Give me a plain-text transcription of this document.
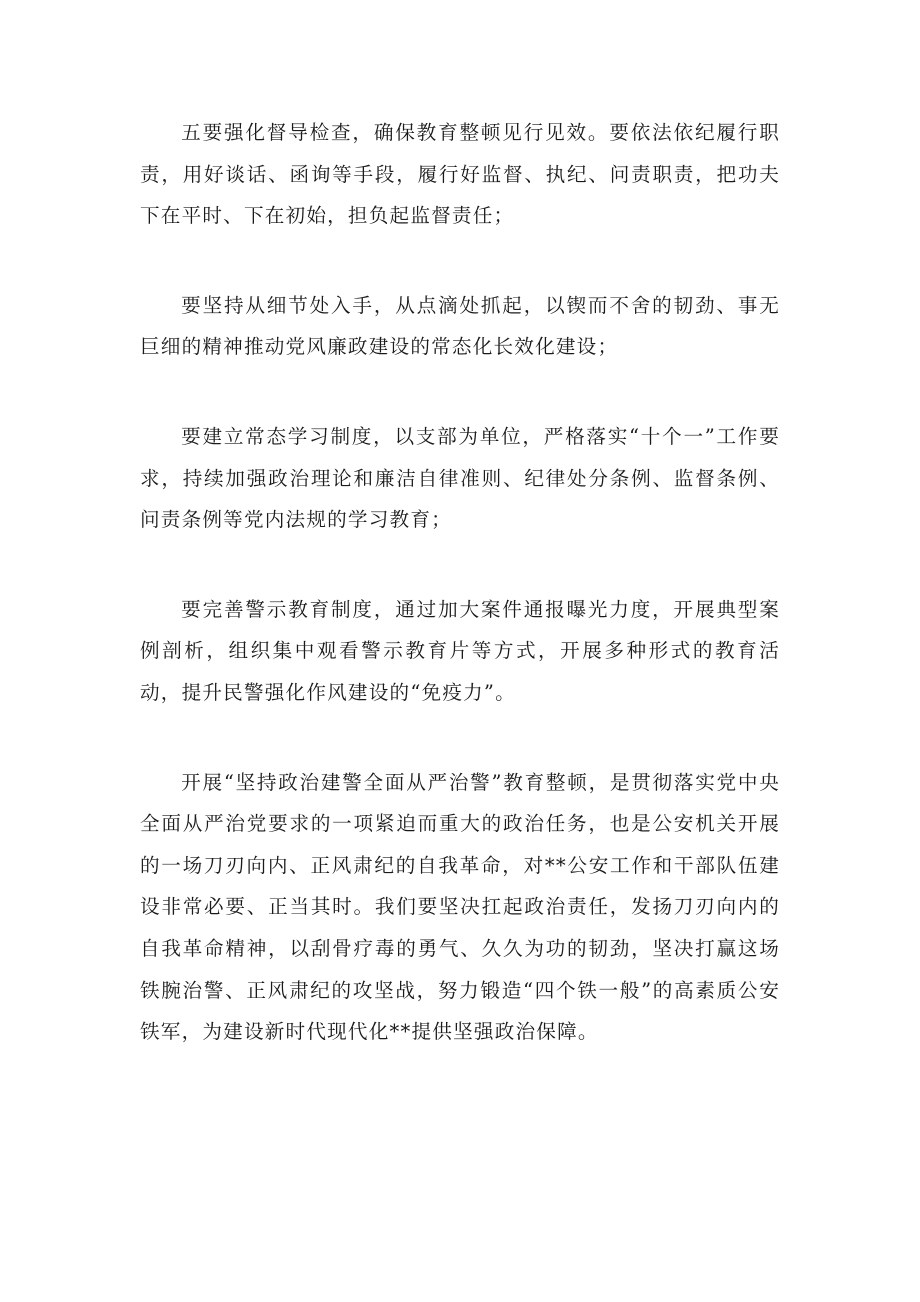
五要强化督导检查，确保教育整顿见行见效。要依法依纪履行职责，用好谈话、函询等手段，履行好监督、执纪、问责职责，把功夫下在平时、下在初始，担负起监督责任；

要坚持从细节处入手，从点滴处抓起，以锲而不舍的韧劲、事无巨细的精神推动党风廉政建设的常态化长效化建设；

要建立常态学习制度，以支部为单位，严格落实“十个一”工作要求，持续加强政治理论和廉洁自律准则、纪律处分条例、监督条例、问责条例等党内法规的学习教育；

要完善警示教育制度，通过加大案件通报曝光力度，开展典型案例剖析，组织集中观看警示教育片等方式，开展多种形式的教育活动，提升民警强化作风建设的“免疫力”。

开展“坚持政治建警全面从严治警”教育整顿，是贯彻落实党中央全面从严治党要求的一项紧迫而重大的政治任务，也是公安机关开展的一场刀刃向内、正风肃纪的自我革命，对**公安工作和干部队伍建设非常必要、正当其时。我们要坚决扛起政治责任，发扬刀刃向内的自我革命精神，以刮骨疗毒的勇气、久久为功的韧劲，坚决打赢这场铁腕治警、正风肃纪的攻坚战，努力锻造“四个铁一般”的高素质公安铁军，为建设新时代现代化**提供坚强政治保障。
